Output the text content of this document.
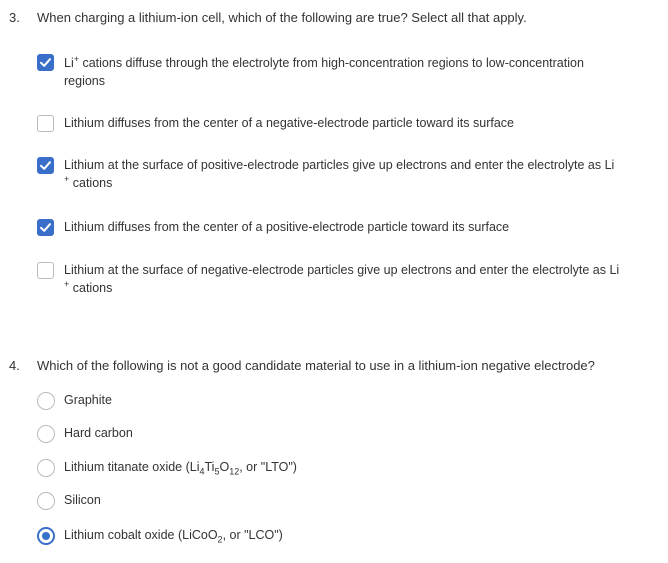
3. When charging a lithium-ion cell, which of the following are true? Select all that apply.
Li+ cations diffuse through the electrolyte from high-concentration regions to low-concentration
regions
Lithium diffuses from the center of a negative-electrode particle toward its surface
Lithium at the surface of positive-electrode particles give up electrons and enter the electrolyte as Li
+ cations
Lithium diffuses from the center of a positive-electrode particle toward its surface
Lithium at the surface of negative-electrode particles give up electrons and enter the electrolyte as Li
+ cations
4. Which of the following is not a good candidate material to use in a lithium-ion negative electrode?
Graphite
Hard carbon
Lithium titanate oxide ($Li_4Ti_5O_{12}$, or "LTO")
Silicon
Lithium cobalt oxide (LiCoO$_2$, or "LCO")
